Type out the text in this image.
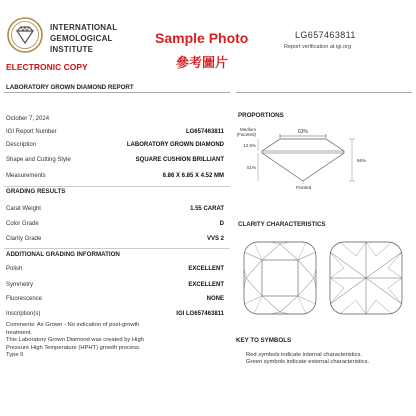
INTERNATIONAL
GEMOLOGICAL
INSTITUTE
ELECTRONIC COPY
Sample Photo
參考圖片
LG657463811
Report verification at igi.org
LABORATORY GROWN DIAMOND REPORT
October 7, 2024
IGI Report Number	LG657463811
Description	LABORATORY GROWN DIAMOND
Shape and Cutting Style	SQUARE CUSHION BRILLIANT
Measurements	6.86 X 6.85 X 4.52 MM
GRADING RESULTS
Carat Weight	1.55 CARAT
Color Grade	D
Clarity Grade	VVS 2
ADDITIONAL GRADING INFORMATION
Polish	EXCELLENT
Symmetry	EXCELLENT
Fluorescence	NONE
Inscription(s)	IGI LG657463811
Comments: As Grown - No indication of post-growth
treatment.
This Laboratory Grown Diamond was created by High
Pressure High Temperature (HPHT) growth process.
Type II
PROPORTIONS
63%
12.5%
Medium
(Faceted)
51%
66%
Pointed
CLARITY CHARACTERISTICS
KEY TO SYMBOLS
Red symbols indicate internal characteristics.
Green symbols indicate external characteristics.
